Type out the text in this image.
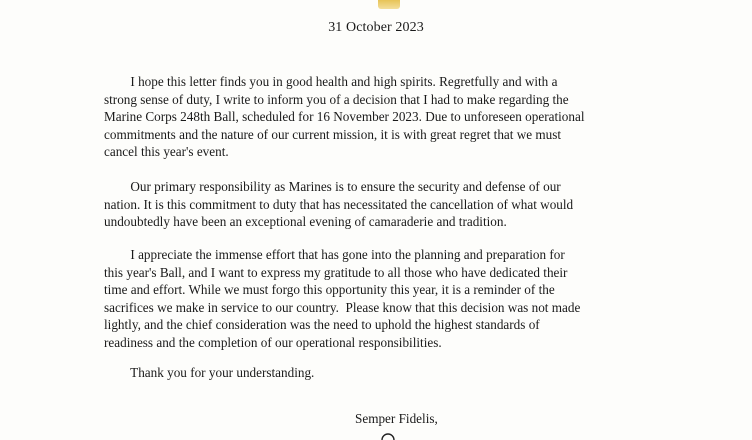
31 October 2023
I hope this letter finds you in good health and high spirits. Regretfully and with a
strong sense of duty, I write to inform you of a decision that I had to make regarding the
Marine Corps 248th Ball, scheduled for 16 November 2023. Due to unforeseen operational
commitments and the nature of our current mission, it is with great regret that we must
cancel this year's event.
Our primary responsibility as Marines is to ensure the security and defense of our
nation. It is this commitment to duty that has necessitated the cancellation of what would
undoubtedly have been an exceptional evening of camaraderie and tradition.
I appreciate the immense effort that has gone into the planning and preparation for
this year's Ball, and I want to express my gratitude to all those who have dedicated their
time and effort. While we must forgo this opportunity this year, it is a reminder of the
sacrifices we make in service to our country.  Please know that this decision was not made
lightly, and the chief consideration was the need to uphold the highest standards of
readiness and the completion of our operational responsibilities.
Thank you for your understanding.
Semper Fidelis,
